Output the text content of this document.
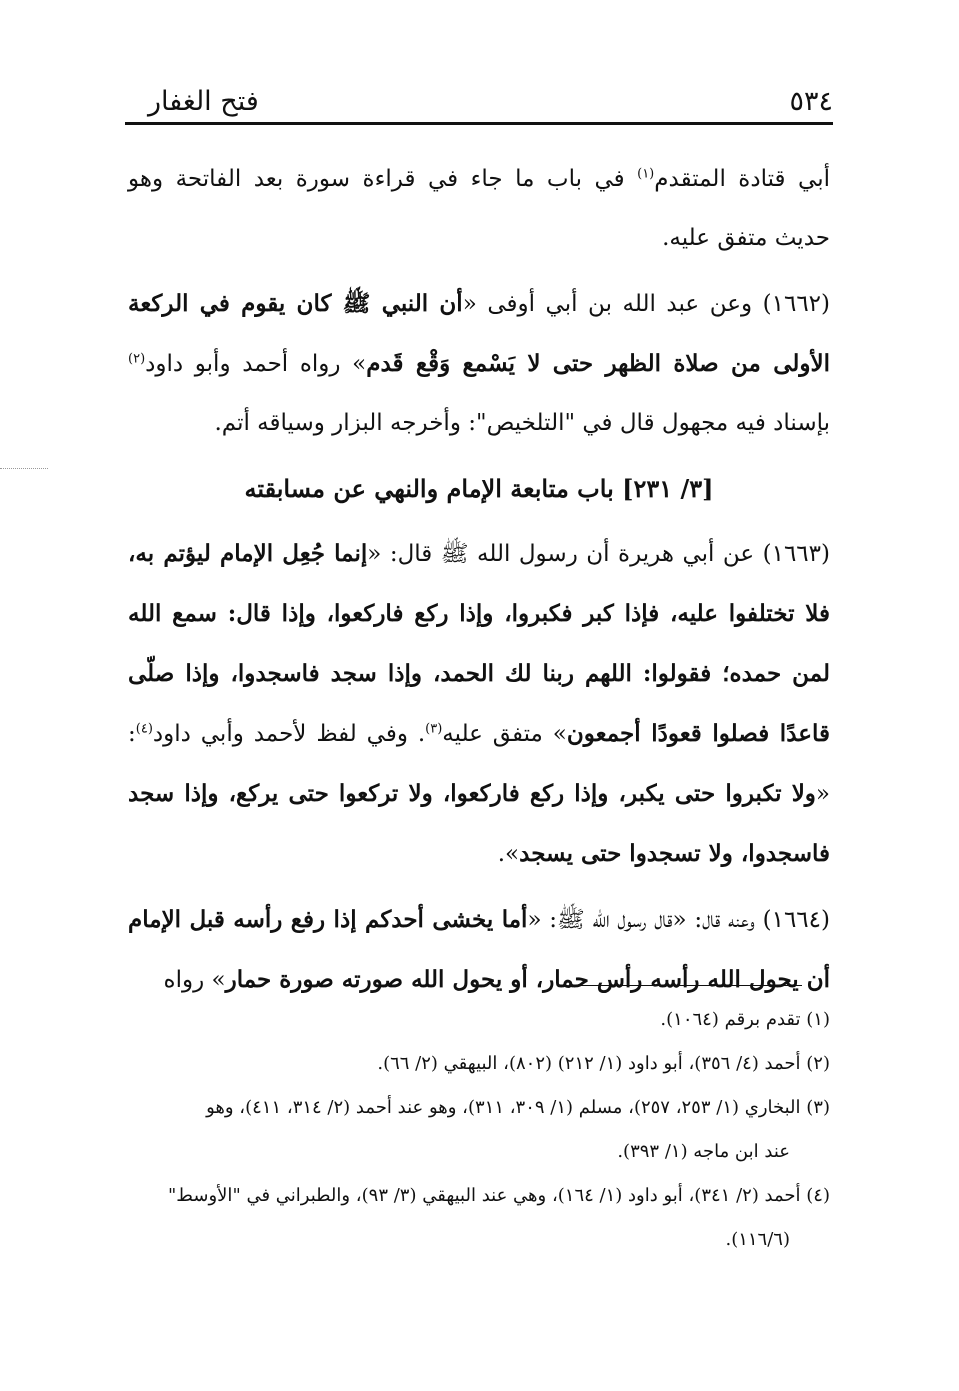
٥٣٤
فتح الغفار

أبي قتادة المتقدم$^{(١)}$ في باب ما جاء في قراءة سورة بعد الفاتحة وهو حديث متفق عليه.

(١٦٦٢) وعن عبد الله بن أبي أوفى «أن النبي ﷺ كان يقوم في الركعة الأولى من صلاة الظهر حتى لا يَسْمع وَقْع قَدم» رواه أحمد وأبو داود$^{(٢)}$ بإسناد فيه مجهول قال في "التلخيص": وأخرجه البزار وسياقه أتم.

[٣/ ٢٣١] باب متابعة الإمام والنهي عن مسابقته

(١٦٦٣) عن أبي هريرة أن رسول الله ﷺ قال: «إنما جُعِل الإمام ليؤتم به، فلا تختلفوا عليه، فإذا كبر فكبروا، وإذا ركع فاركعوا، وإذا قال: سمع الله لمن حمده؛ فقولوا: اللهم ربنا لك الحمد، وإذا سجد فاسجدوا، وإذا صلّى قاعدًا فصلوا قعودًا أجمعون» متفق عليه$^{(٣)}$. وفي لفظ لأحمد وأبي داود$^{(٤)}$: «ولا تكبروا حتى يكبر، وإذا ركع فاركعوا، ولا تركعوا حتى يركع، وإذا سجد فاسجدوا، ولا تسجدوا حتى يسجد».

(١٦٦٤) وعنه قال: «قال رسول الله ﷺ: «أما يخشى أحدكم إذا رفع رأسه قبل الإمام أن يحول الله رأسه رأس حمار، أو يحول الله صورته صورة حمار» رواه

(١) تقدم برقم (١٠٦٤).

(٢) أحمد (٤/ ٣٥٦)، أبو داود (١/ ٢١٢) (٨٠٢)، البيهقي (٢/ ٦٦).

(٣) البخاري (١/ ٢٥٣، ٢٥٧)، مسلم (١/ ٣٠٩، ٣١١)، وهو عند أحمد (٢/ ٣١٤، ٤١١)، وهو

عند ابن ماجه (١/ ٣٩٣).

(٤) أحمد (٢/ ٣٤١)، أبو داود (١/ ١٦٤)، وهي عند البيهقي (٣/ ٩٣)، والطبراني في "الأوسط"

(١١٦/٦).
